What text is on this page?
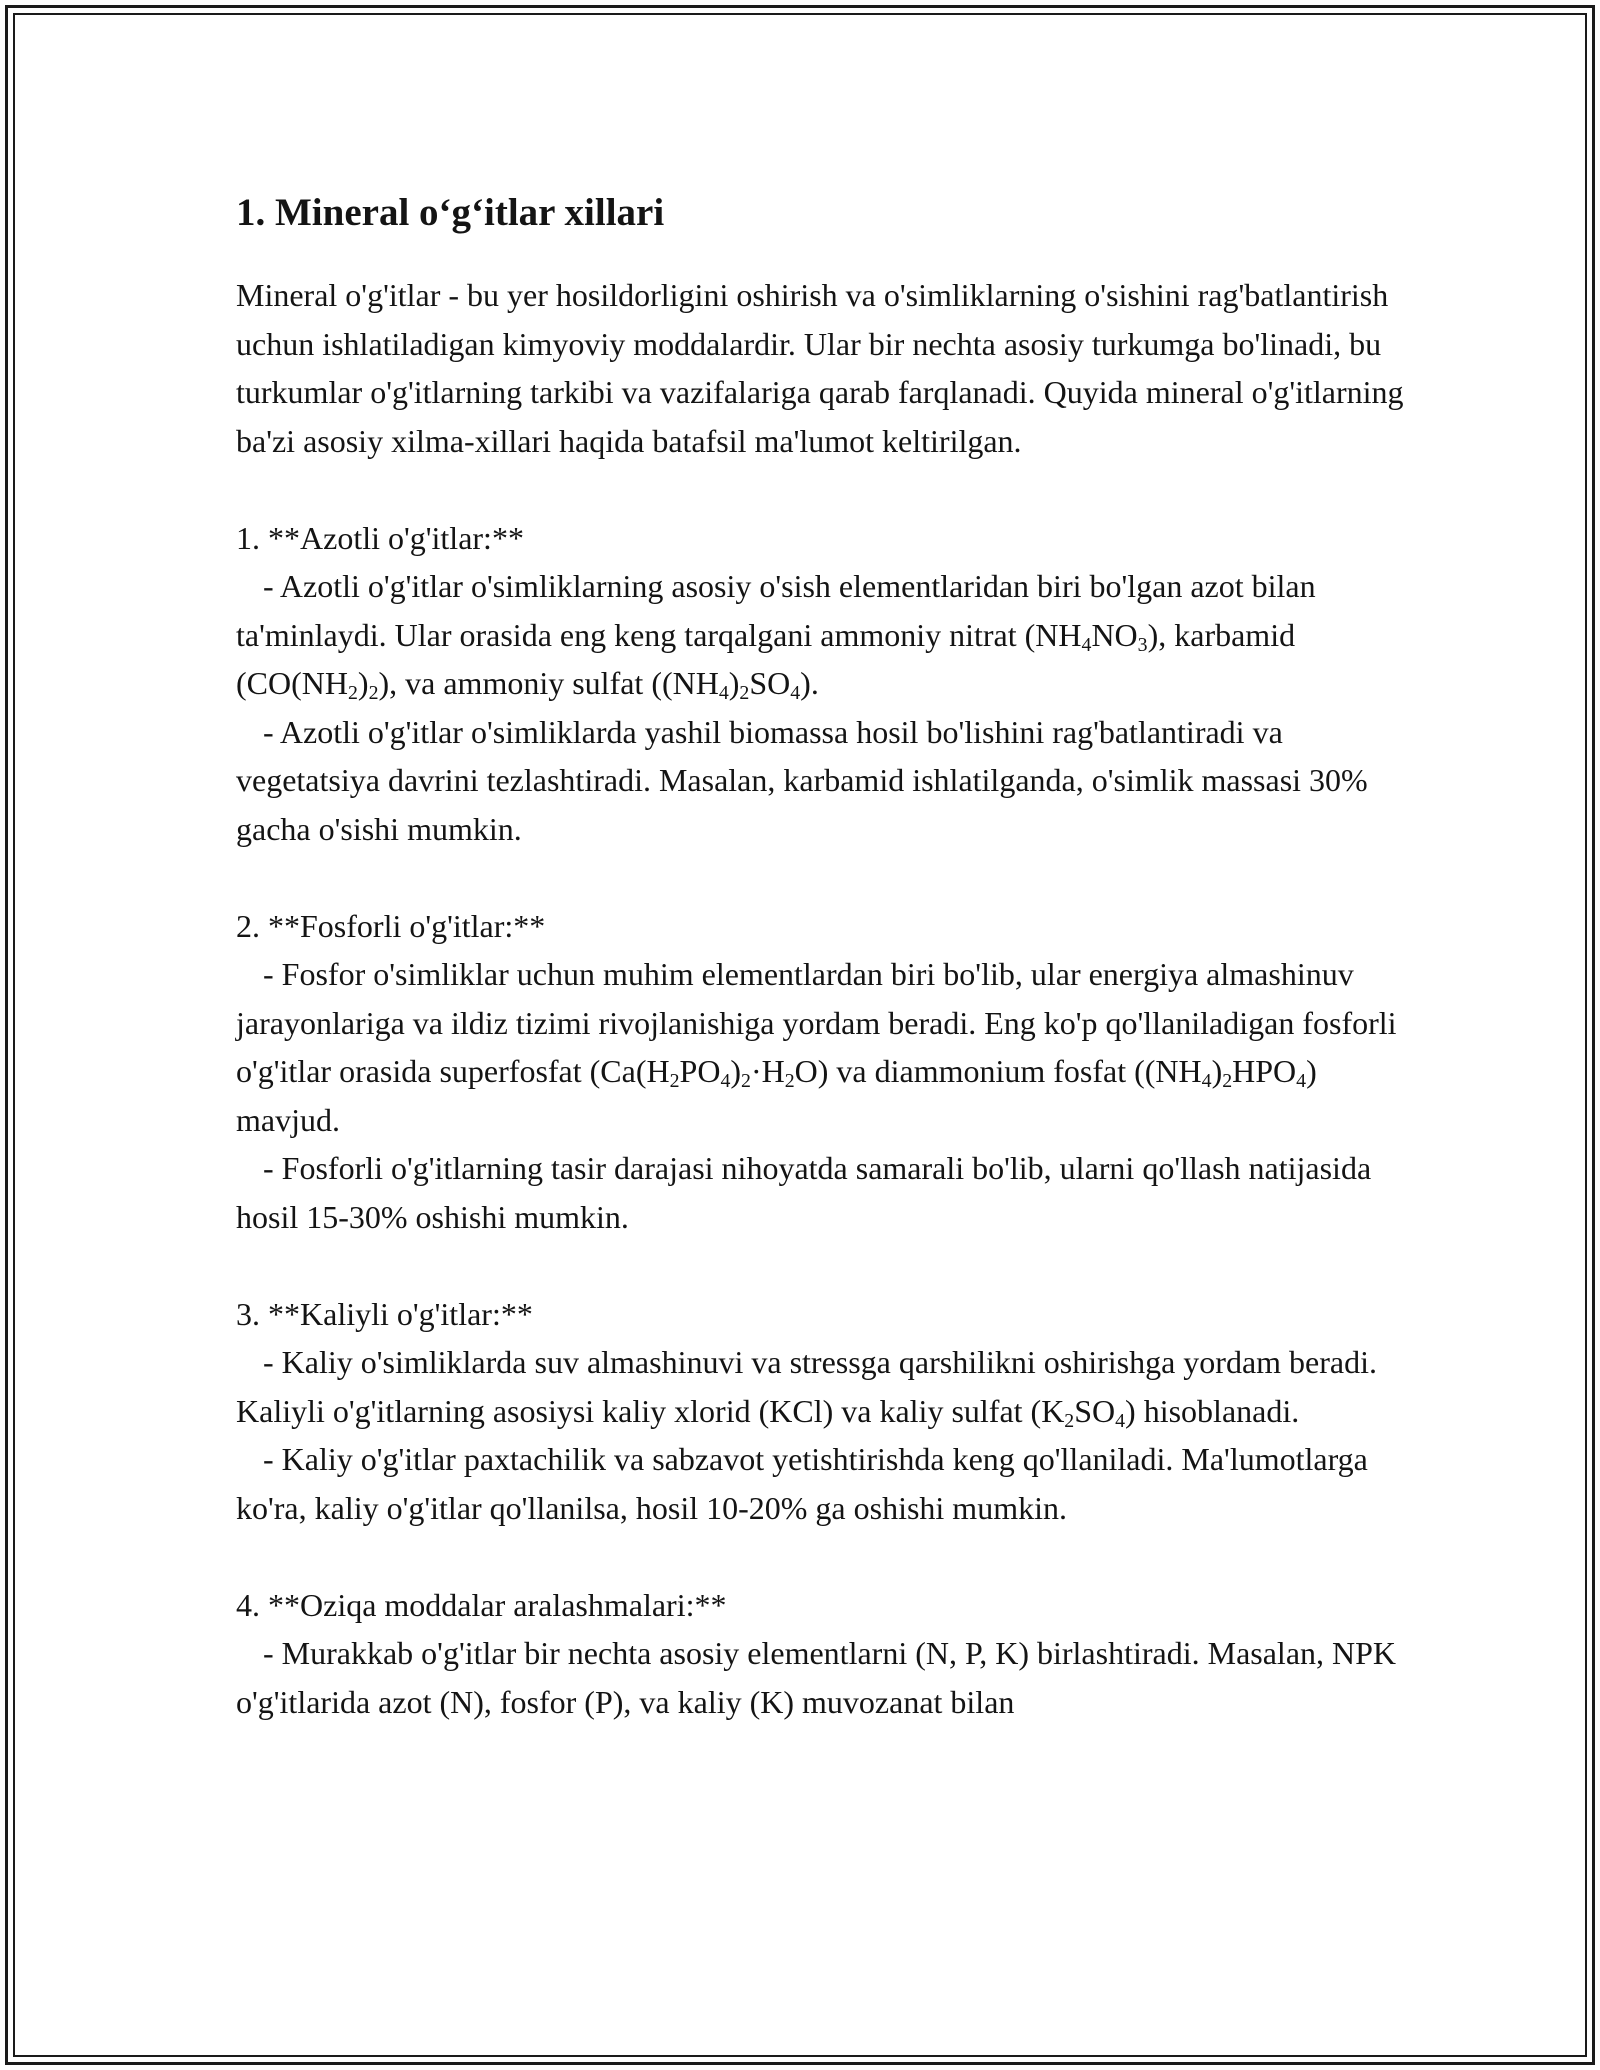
1. Mineral o‘g‘itlar xillari

Mineral o'g'itlar - bu yer hosildorligini oshirish va o'simliklarning o'sishini rag'batlantirish uchun ishlatiladigan kimyoviy moddalardir. Ular bir nechta asosiy turkumga bo'linadi, bu turkumlar o'g'itlarning tarkibi va vazifalariga qarab farqlanadi. Quyida mineral o'g'itlarning ba'zi asosiy xilma-xillari haqida batafsil ma'lumot keltirilgan.

1. **Azotli o'g'itlar:**
- Azotli o'g'itlar o'simliklarning asosiy o'sish elementlaridan biri bo'lgan azot bilan ta'minlaydi. Ular orasida eng keng tarqalgani ammoniy nitrat $(NH_4NO_3)$, karbamid $(CO(NH_2)_2)$, va ammoniy sulfat $((NH_4)_2SO_4)$.
- Azotli o'g'itlar o'simliklarda yashil biomassa hosil bo'lishini rag'batlantiradi va vegetatsiya davrini tezlashtiradi. Masalan, karbamid ishlatilganda, o'simlik massasi 30% gacha o'sishi mumkin.
2. **Fosforli o'g'itlar:**
- Fosfor o'simliklar uchun muhim elementlardan biri bo'lib, ular energiya almashinuv jarayonlariga va ildiz tizimi rivojlanishiga yordam beradi. Eng ko'p qo'llaniladigan fosforli o'g'itlar orasida superfosfat $(Ca(H_2PO_4)_2\cdot H_2O)$ va diammonium fosfat $((NH_4)_2HPO_4)$ mavjud.
- Fosforli o'g'itlarning tasir darajasi nihoyatda samarali bo'lib, ularni qo'llash natijasida hosil 15-30% oshishi mumkin.
3. **Kaliyli o'g'itlar:**
- Kaliy o'simliklarda suv almashinuvi va stressga qarshilikni oshirishga yordam beradi. Kaliyli o'g'itlarning asosiysi kaliy xlorid (KCl) va kaliy sulfat $(K_2SO_4)$ hisoblanadi.
- Kaliy o'g'itlar paxtachilik va sabzavot yetishtirishda keng qo'llaniladi. Ma'lumotlarga ko'ra, kaliy o'g'itlar qo'llanilsa, hosil 10-20% ga oshishi mumkin.
4. **Oziqa moddalar aralashmalari:**
- Murakkab o'g'itlar bir nechta asosiy elementlarni (N, P, K) birlashtiradi. Masalan, NPK o'g'itlarida azot (N), fosfor (P), va kaliy (K) muvozanat bilan
